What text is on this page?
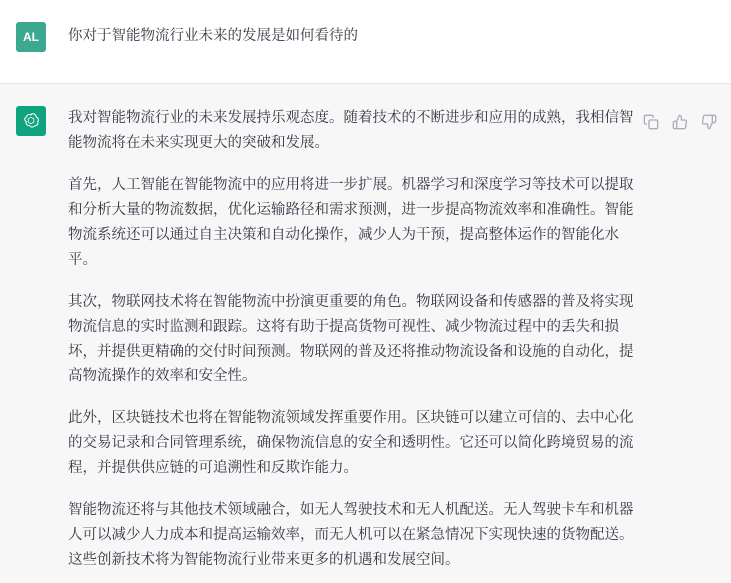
AL	你对于智能物流行业未来的发展是如何看待的

我对智能物流行业的未来发展持乐观态度。随着技术的不断进步和应用的成熟，我相信智能物流将在未来实现更大的突破和发展。

首先，人工智能在智能物流中的应用将进一步扩展。机器学习和深度学习等技术可以提取和分析大量的物流数据，优化运输路径和需求预测，进一步提高物流效率和准确性。智能物流系统还可以通过自主决策和自动化操作，减少人为干预，提高整体运作的智能化水平。

其次，物联网技术将在智能物流中扮演更重要的角色。物联网设备和传感器的普及将实现物流信息的实时监测和跟踪。这将有助于提高货物可视性、减少物流过程中的丢失和损坏，并提供更精确的交付时间预测。物联网的普及还将推动物流设备和设施的自动化，提高物流操作的效率和安全性。

此外，区块链技术也将在智能物流领域发挥重要作用。区块链可以建立可信的、去中心化的交易记录和合同管理系统，确保物流信息的安全和透明性。它还可以简化跨境贸易的流程，并提供供应链的可追溯性和反欺诈能力。

智能物流还将与其他技术领域融合，如无人驾驶技术和无人机配送。无人驾驶卡车和机器人可以减少人力成本和提高运输效率，而无人机可以在紧急情况下实现快速的货物配送。这些创新技术将为智能物流行业带来更多的机遇和发展空间。
